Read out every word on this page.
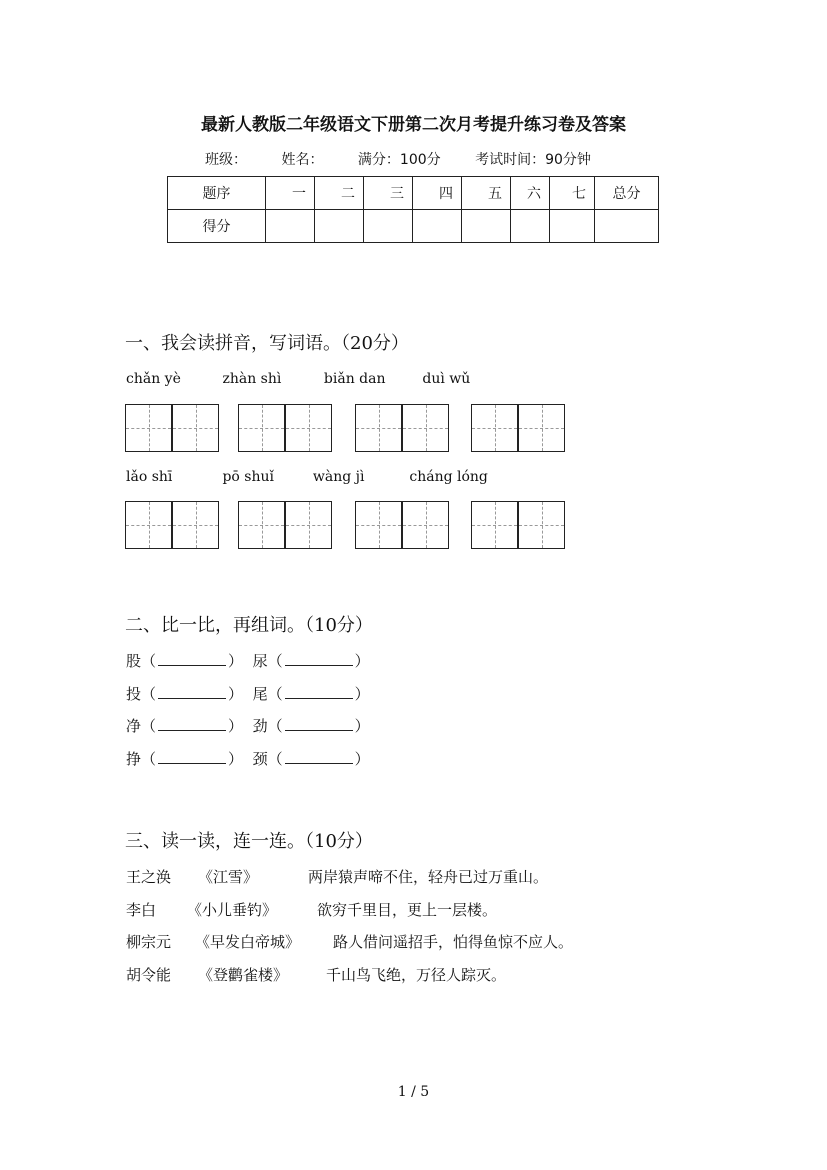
最新人教版二年级语文下册第二次月考提升练习卷及答案
班级： 姓名： 满分：100分 考试时间：90分钟
题序	一	二	三	四	五	六	七	总分
得分								
一、我会读拼音，写词语。（20分）
chǎn yè	zhàn shì	biǎn dan	duì wǔ
lǎo shī	pō shuǐ	wàng jì	cháng lóng
二、比一比，再组词。（10分）
股（	）  尿（	）
投（	）  尾（	）
净（	）  劲（	）
挣（	）  颈（	）
三、读一读，连一连。（10分）
王之涣 《江雪》	两岸猿声啼不住，轻舟已过万重山。
李白 《小儿垂钓》	欲穷千里目，更上一层楼。
柳宗元 《早发白帝城》 路人借问遥招手，怕得鱼惊不应人。
胡令能 《登鹳雀楼》	千山鸟飞绝，万径人踪灭。
1 / 5
